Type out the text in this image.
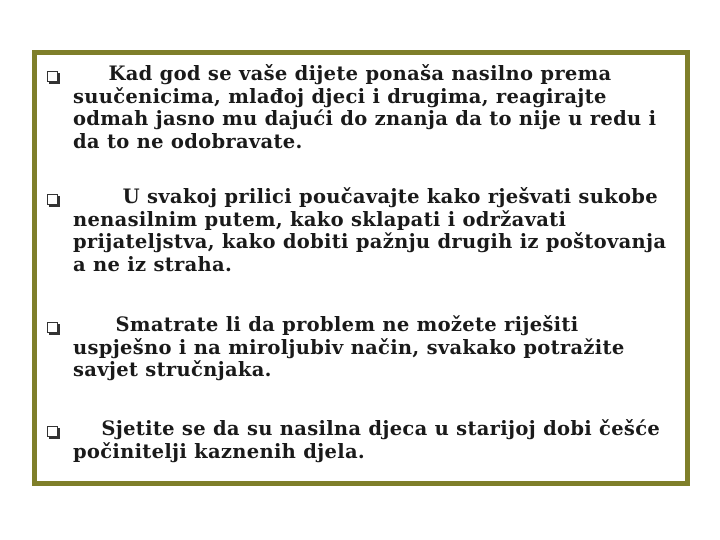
Kad god se vaše dijete ponaša nasilno prema suučenicima, mlađoj djeci i drugima, reagirajte odmah jasno mu dajući do znanja da to nije u redu i da to ne odobravate.

U svakoj prilici poučavajte kako rješvati sukobe nenasilnim putem, kako sklapati i održavati prijateljstva, kako dobiti pažnju drugih iz poštovanja a ne iz straha.

Smatrate li da problem ne možete riješiti uspješno i na miroljubiv način, svakako potražite savjet stručnjaka.

Sjetite se da su nasilna djeca u starijoj dobi češće počinitelji kaznenih djela.
